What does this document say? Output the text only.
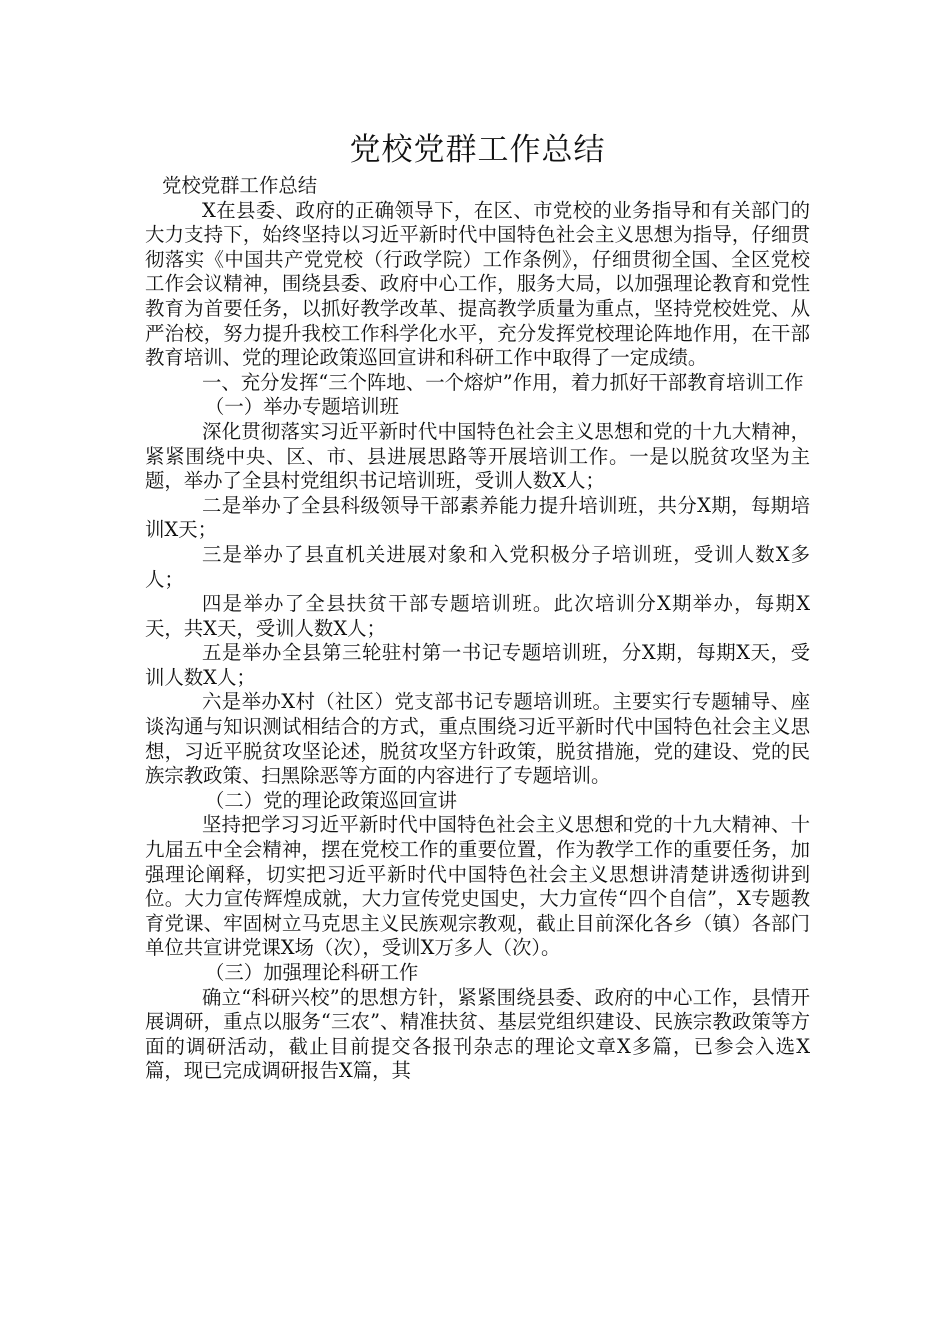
党校党群工作总结

党校党群工作总结

X在县委、政府的正确领导下，在区、市党校的业务指导和有关部门的大力支持下，始终坚持以习近平新时代中国特色社会主义思想为指导，仔细贯彻落实《中国共产党党校（行政学院）工作条例》，仔细贯彻全国、全区党校工作会议精神，围绕县委、政府中心工作，服务大局，以加强理论教育和党性教育为首要任务，以抓好教学改革、提高教学质量为重点，坚持党校姓党、从严治校，努力提升我校工作科学化水平，充分发挥党校理论阵地作用，在干部教育培训、党的理论政策巡回宣讲和科研工作中取得了一定成绩。

一、充分发挥“三个阵地、一个熔炉”作用，着力抓好干部教育培训工作

（一）举办专题培训班

深化贯彻落实习近平新时代中国特色社会主义思想和党的十九大精神，紧紧围绕中央、区、市、县进展思路等开展培训工作。一是以脱贫攻坚为主题，举办了全县村党组织书记培训班，受训人数X人；

二是举办了全县科级领导干部素养能力提升培训班，共分X期，每期培训X天；

三是举办了县直机关进展对象和入党积极分子培训班，受训人数X多人；

四是举办了全县扶贫干部专题培训班。此次培训分X期举办，每期X天，共X天，受训人数X人；

五是举办全县第三轮驻村第一书记专题培训班，分X期，每期X天，受训人数X人；

六是举办X村（社区）党支部书记专题培训班。主要实行专题辅导、座谈沟通与知识测试相结合的方式，重点围绕习近平新时代中国特色社会主义思想，习近平脱贫攻坚论述，脱贫攻坚方针政策，脱贫措施，党的建设、党的民族宗教政策、扫黑除恶等方面的内容进行了专题培训。

（二）党的理论政策巡回宣讲

坚持把学习习近平新时代中国特色社会主义思想和党的十九大精神、十九届五中全会精神，摆在党校工作的重要位置，作为教学工作的重要任务，加强理论阐释，切实把习近平新时代中国特色社会主义思想讲清楚讲透彻讲到位。大力宣传辉煌成就，大力宣传党史国史，大力宣传“四个自信”，X专题教育党课、牢固树立马克思主义民族观宗教观，截止目前深化各乡（镇）各部门单位共宣讲党课X场（次），受训X万多人（次）。

（三）加强理论科研工作

确立“科研兴校”的思想方针，紧紧围绕县委、政府的中心工作，县情开展调研，重点以服务“三农”、精准扶贫、基层党组织建设、民族宗教政策等方面的调研活动，截止目前提交各报刊杂志的理论文章X多篇，已参会入选X篇，现已完成调研报告X篇，其
